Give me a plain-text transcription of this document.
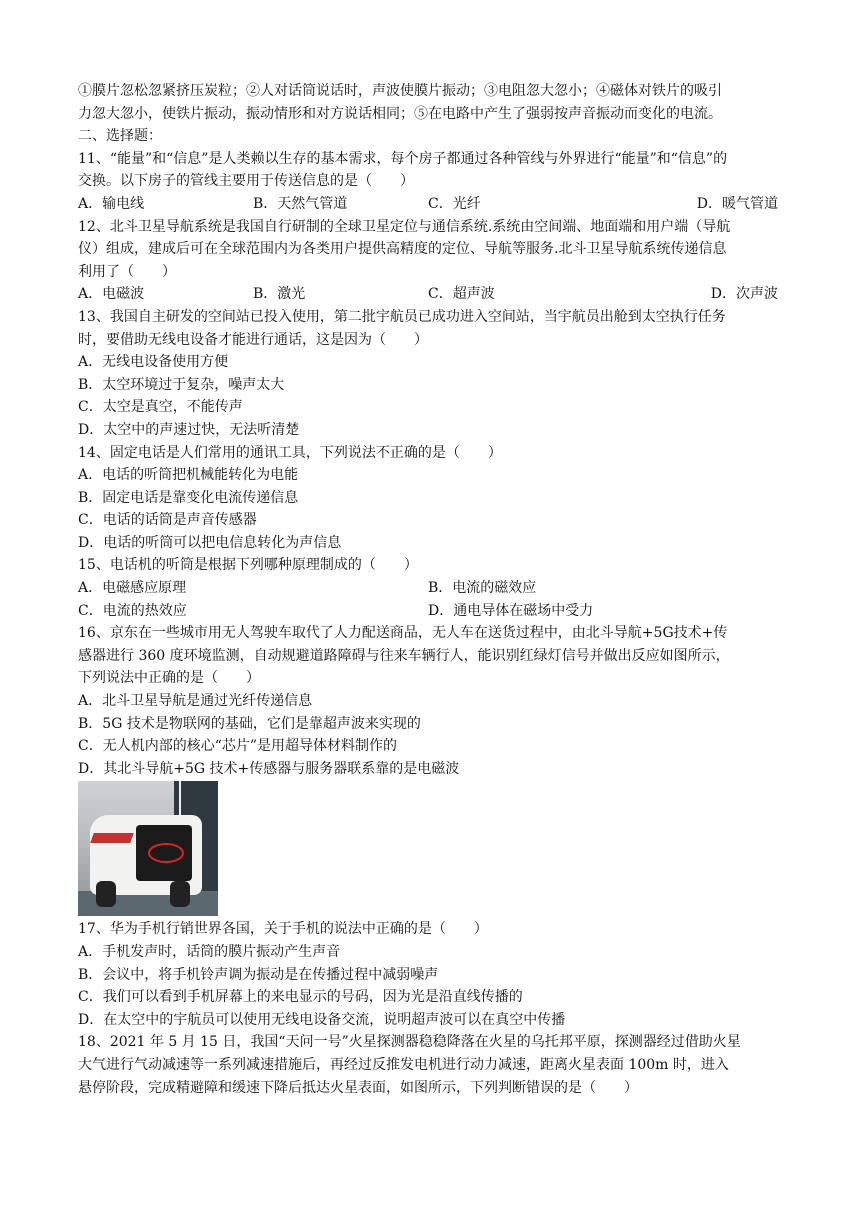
①膜片忽松忽紧挤压炭粒；②人对话筒说话时，声波使膜片振动；③电阻忽大忽小；④磁体对铁片的吸引

力忽大忽小，使铁片振动，振动情形和对方说话相同；⑤在电路中产生了强弱按声音振动而变化的电流。

二、选择题：

11、“能量”和“信息”是人类赖以生存的基本需求，每个房子都通过各种管线与外界进行“能量”和“信息”的

交换。以下房子的管线主要用于传送信息的是（　　）

A．输电线	B．天然气管道	C．光纤	D．暖气管道

12、北斗卫星导航系统是我国自行研制的全球卫星定位与通信系统.系统由空间端、地面端和用户端（导航

仪）组成，建成后可在全球范围内为各类用户提供高精度的定位、导航等服务.北斗卫星导航系统传递信息

利用了（　　）

A．电磁波	B．激光	C．超声波	D．次声波

13、我国自主研发的空间站已投入使用，第二批宇航员已成功进入空间站，当宇航员出舱到太空执行任务

时，要借助无线电设备才能进行通话，这是因为（　　）

A．无线电设备使用方便

B．太空环境过于复杂，噪声太大

C．太空是真空，不能传声

D．太空中的声速过快，无法听清楚

14、固定电话是人们常用的通讯工具，下列说法不正确的是（　　）

A．电话的听筒把机械能转化为电能

B．固定电话是靠变化电流传递信息

C．电话的话筒是声音传感器

D．电话的听筒可以把电信息转化为声信息

15、电话机的听筒是根据下列哪种原理制成的（　　）

A．电磁感应原理	B．电流的磁效应
C．电流的热效应	D．通电导体在磁场中受力

16、京东在一些城市用无人驾驶车取代了人力配送商品，无人车在送货过程中，由北斗导航+5G技术+传

感器进行 360 度环境监测，自动规避道路障碍与往来车辆行人，能识别红绿灯信号并做出反应如图所示，

下列说法中正确的是（　　）

A．北斗卫星导航是通过光纤传递信息

B．5G 技术是物联网的基础，它们是靠超声波来实现的

C．无人机内部的核心“芯片”是用超导体材料制作的

D．其北斗导航+5G 技术+传感器与服务器联系靠的是电磁波

17、华为手机行销世界各国，关于手机的说法中正确的是（　　）

A．手机发声时，话筒的膜片振动产生声音

B．会议中，将手机铃声调为振动是在传播过程中减弱噪声

C．我们可以看到手机屏幕上的来电显示的号码，因为光是沿直线传播的

D．在太空中的宇航员可以使用无线电设备交流，说明超声波可以在真空中传播

18、2021 年 5 月 15 日，我国“天问一号”火星探测器稳稳降落在火星的乌托邦平原，探测器经过借助火星

大气进行气动减速等一系列减速措施后，再经过反推发电机进行动力减速，距离火星表面 100m 时，进入

悬停阶段，完成精避障和缓速下降后抵达火星表面，如图所示，下列判断错误的是（　　）
